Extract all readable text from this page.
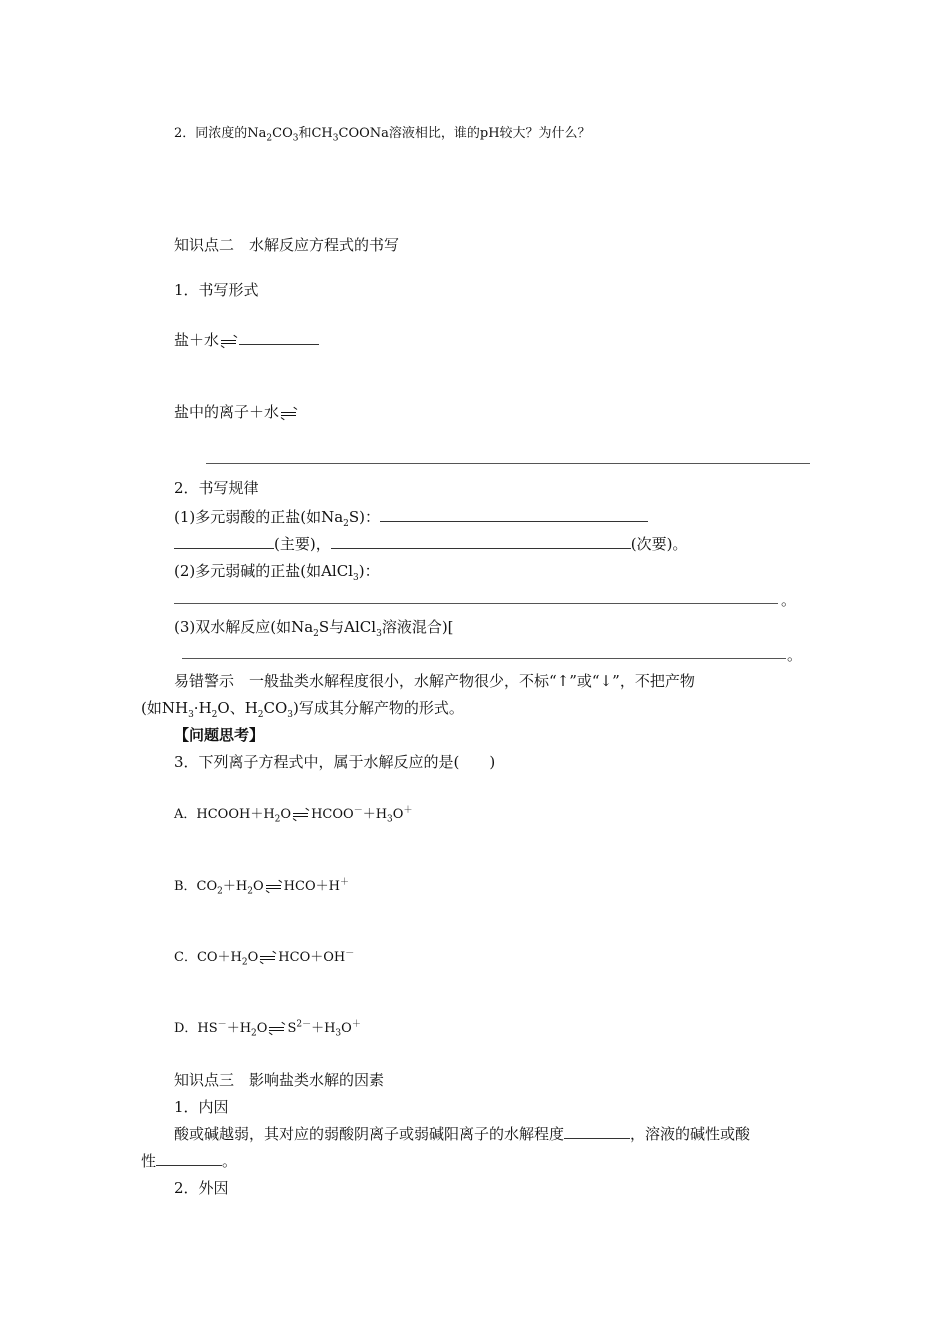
2．同浓度的$Na_2CO_3$和$CH_3COONa$溶液相比，谁的pH较大？为什么？
知识点二　水解反应方程式的书写
1．书写形式
盐＋水
盐中的离子＋水
2．书写规律
(1)多元弱酸的正盐(如$Na_2S$)：
(主要)，	(次要)。
(2)多元弱碱的正盐(如AlCl$_3$)：
。
(3)双水解反应(如$Na_2S$与AlCl$_3$溶液混合)[
。
易错警示　一般盐类水解程度很小，水解产物很少，不标“↑”或“↓”，不把产物
(如$NH_3\cdot H_2O$、$H_2CO_3$)写成其分解产物的形式。
【问题思考】
3．下列离子方程式中，属于水解反应的是(　　)
A．$HCOOH+H_2O$ $HCOO^-+H_3O^+$
B．$CO_2+H_2O$ HCO＋H＋
C．$CO+H_2O$ HCO＋OH－
D．$HS^-+H_2O$ $S^{2-}+H_3O^+$
知识点三　影响盐类水解的因素
1．内因
酸或碱越弱，其对应的弱酸阴离子或弱碱阳离子的水解程度	，溶液的碱性或酸
性	。
2．外因
